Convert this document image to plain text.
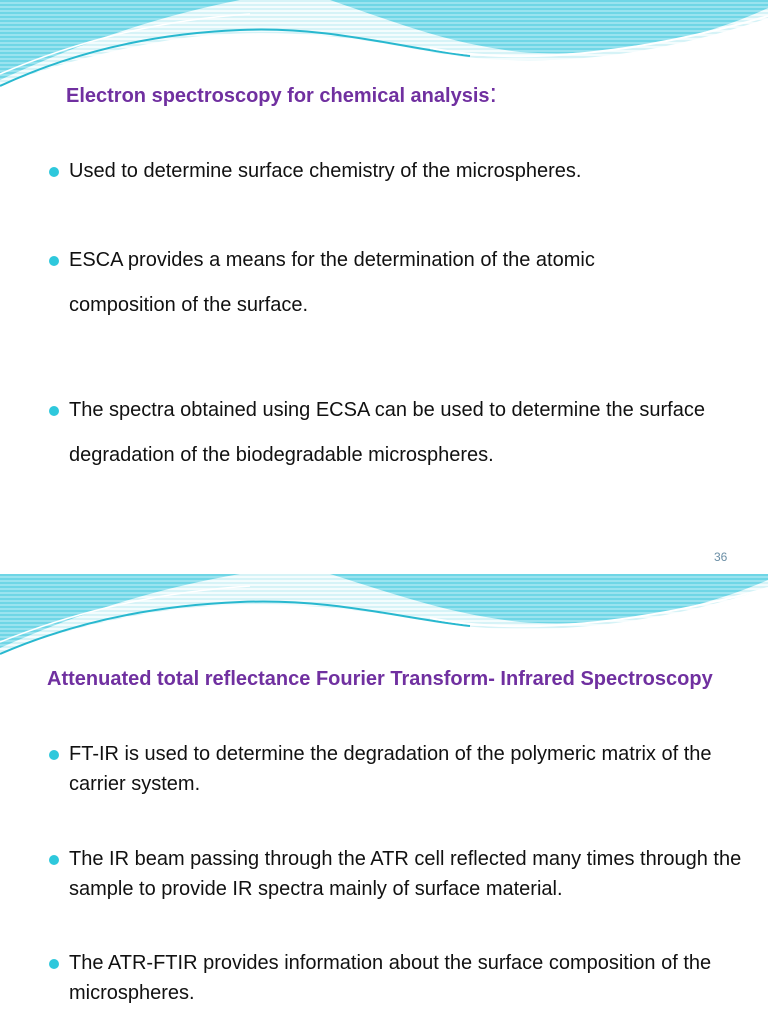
Electron spectroscopy for chemical analysis:
Used to determine surface chemistry of the microspheres.
ESCA provides a means for the determination of the atomic composition of the surface.
The spectra obtained using ECSA can be used to determine the surface degradation of the biodegradable microspheres.
36
Attenuated total reflectance Fourier Transform- Infrared Spectroscopy
FT-IR is used to determine the degradation of the polymeric matrix of the carrier system.
The IR beam passing through the ATR cell reflected many times through the sample to provide IR spectra mainly of surface material.
The ATR-FTIR provides information about the surface composition of the microspheres.
